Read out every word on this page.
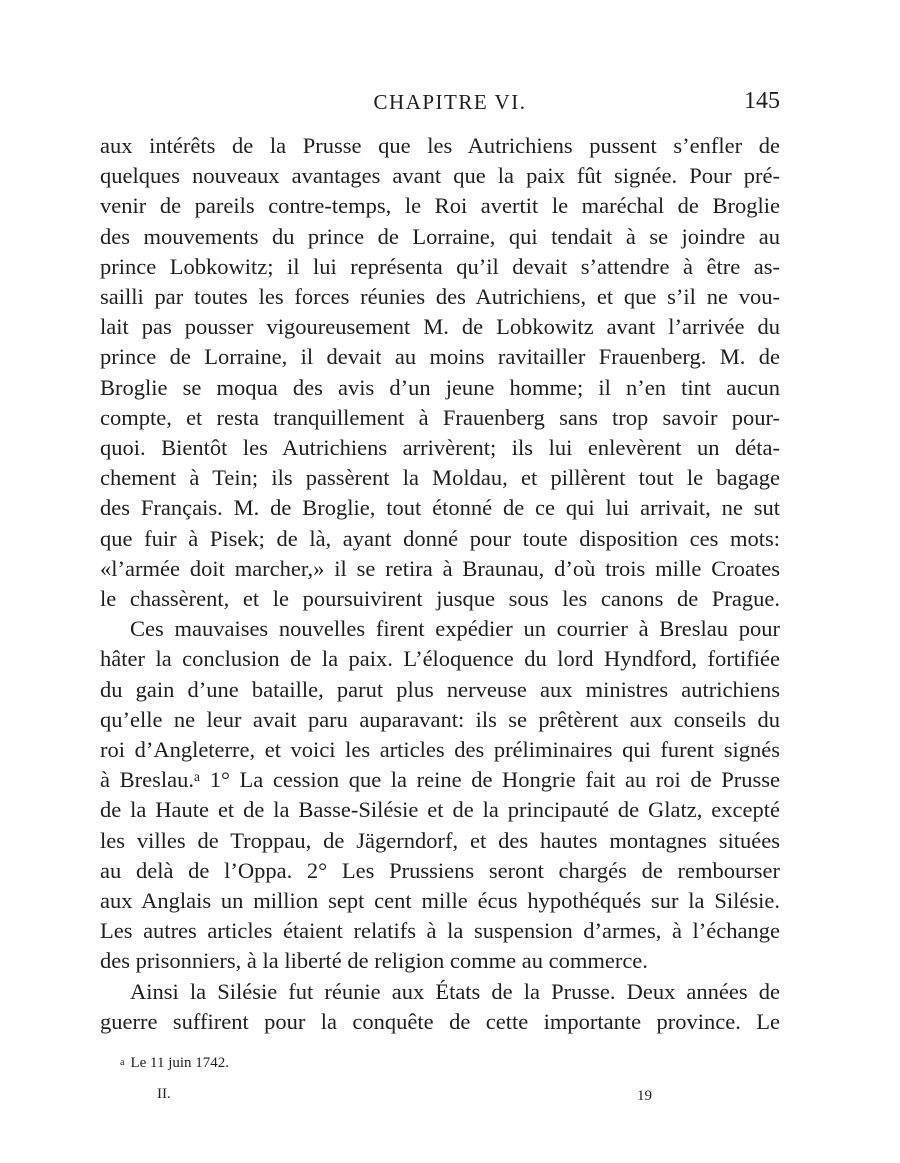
CHAPITRE VI.	145

aux intérêts de la Prusse que les Autrichiens pussent s’enfler de
quelques nouveaux avantages avant que la paix fût signée. Pour pré-
venir de pareils contre-temps, le Roi avertit le maréchal de Broglie
des mouvements du prince de Lorraine, qui tendait à se joindre au
prince Lobkowitz; il lui représenta qu’il devait s’attendre à être as-
sailli par toutes les forces réunies des Autrichiens, et que s’il ne vou-
lait pas pousser vigoureusement M. de Lobkowitz avant l’arrivée du
prince de Lorraine, il devait au moins ravitailler Frauenberg. M. de
Broglie se moqua des avis d’un jeune homme; il n’en tint aucun
compte, et resta tranquillement à Frauenberg sans trop savoir pour-
quoi. Bientôt les Autrichiens arrivèrent; ils lui enlevèrent un déta-
chement à Tein; ils passèrent la Moldau, et pillèrent tout le bagage
des Français. M. de Broglie, tout étonné de ce qui lui arrivait, ne sut
que fuir à Pisek; de là, ayant donné pour toute disposition ces mots:
«l’armée doit marcher,» il se retira à Braunau, d’où trois mille Croates
le chassèrent, et le poursuivirent jusque sous les canons de Prague.

Ces mauvaises nouvelles firent expédier un courrier à Breslau pour
hâter la conclusion de la paix. L’éloquence du lord Hyndford, fortifiée
du gain d’une bataille, parut plus nerveuse aux ministres autrichiens
qu’elle ne leur avait paru auparavant: ils se prêtèrent aux conseils du
roi d’Angleterre, et voici les articles des préliminaires qui furent signés
à Breslau.ᵃ 1° La cession que la reine de Hongrie fait au roi de Prusse
de la Haute et de la Basse-Silésie et de la principauté de Glatz, excepté
les villes de Troppau, de Jägerndorf, et des hautes montagnes situées
au delà de l’Oppa. 2° Les Prussiens seront chargés de rembourser
aux Anglais un million sept cent mille écus hypothéqués sur la Silésie.
Les autres articles étaient relatifs à la suspension d’armes, à l’échange
des prisonniers, à la liberté de religion comme au commerce.

Ainsi la Silésie fut réunie aux États de la Prusse. Deux années de
guerre suffirent pour la conquête de cette importante province. Le

$^a$ Le 11 juin 1742.
II.	19
